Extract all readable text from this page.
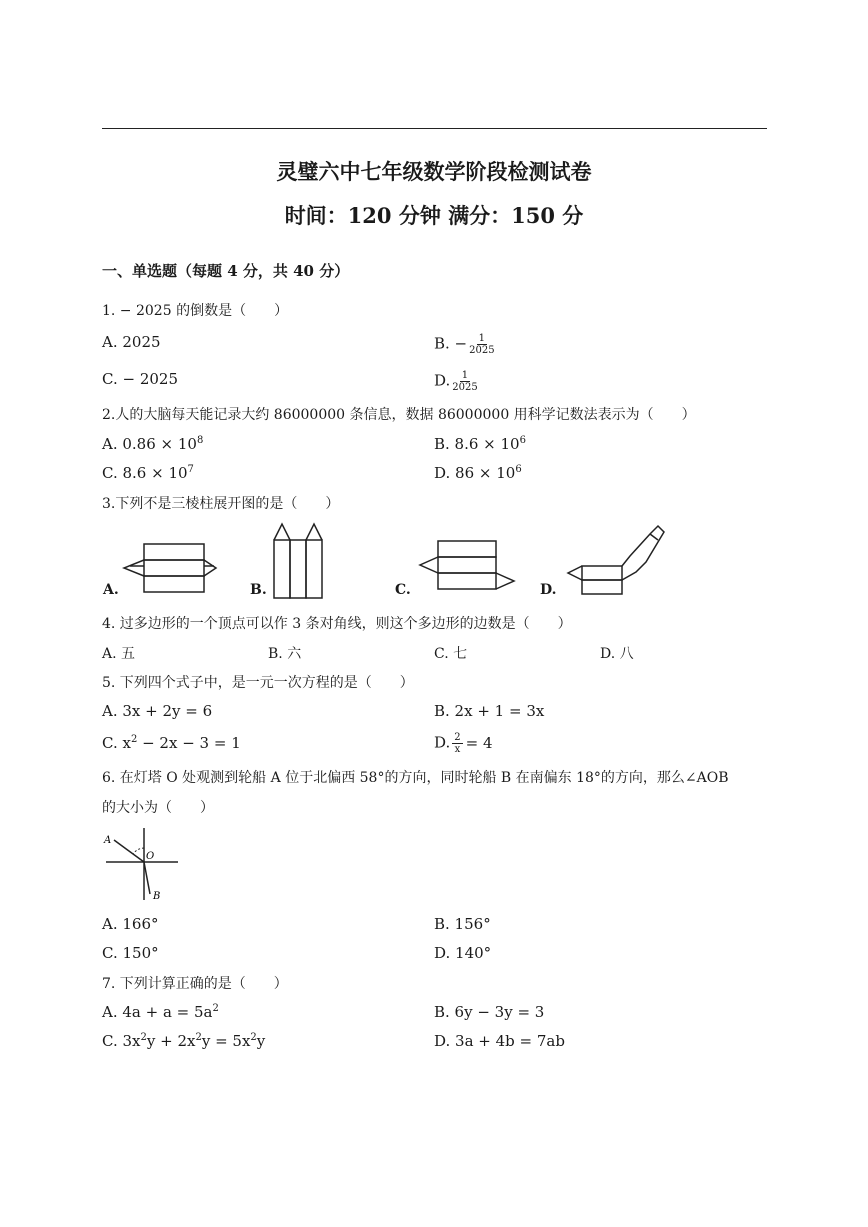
灵璧六中七年级数学阶段检测试卷
时间：120 分钟 满分：150 分
一、单选题（每题 4 分，共 40 分）
1. − 2025 的倒数是（　　）
A. 2025	B. − $\frac{1}{2025}$
C. − 2025	D. $\frac{1}{2025}$
2.人的大脑每天能记录大约 86000000 条信息，数据 86000000 用科学记数法表示为（　　）
A. $0.86 \times 10^8$	B. $8.6 \times 10^6$
C. $8.6 \times 10^7$	D. $86 \times 10^6$
3.下列不是三棱柱展开图的是（　　）
A.	B.	C.	D.
4. 过多边形的一个顶点可以作 3 条对角线，则这个多边形的边数是（　　）
A. 五	B. 六	C. 七	D. 八
5. 下列四个式子中，是一元一次方程的是（　　）
A. 3x + 2y = 6	B. 2x + 1 = 3x
C. $x^2 - 2x - 3 = 1$	D. $\frac{2}{x} = 4$
6. 在灯塔 O 处观测到轮船 A 位于北偏西 58°的方向，同时轮船 B 在南偏东 18°的方向，那么∠AOB
的大小为（　　）
A
O
B
A. 166°	B. 156°
C. 150°	D. 140°
7. 下列计算正确的是（　　）
A. $4a + a = 5a^2$	B. 6y − 3y = 3
C. $3x^2y + 2x^2y = 5x^2y$	D. 3a + 4b = 7ab
